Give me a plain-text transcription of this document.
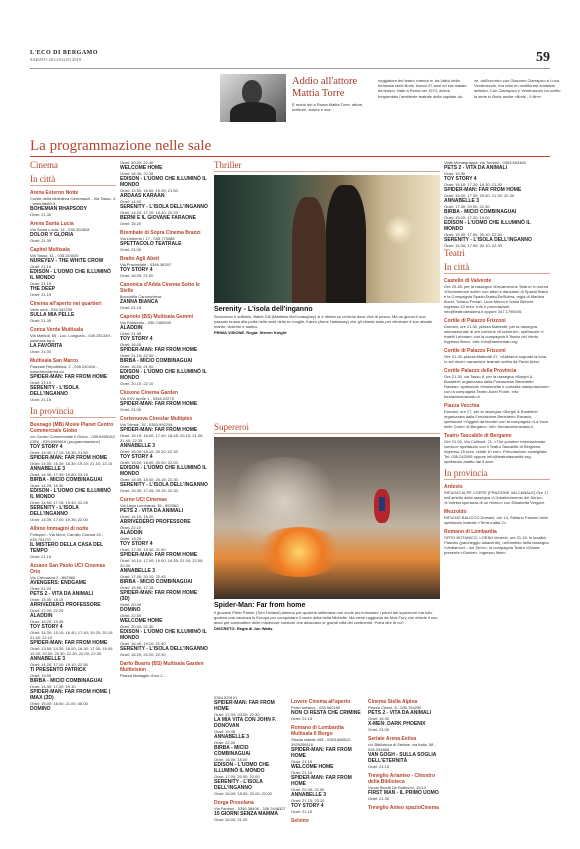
L'ECO DI BERGAMO
SABATO 20 LUGLIO 2019	59
Addio all'attore Mattia Torre
È morto ieri a Roma Mattia Torre, attore, scrittore, autore e sce-
neggiatore del teatro cinema tv, tra l'altro della fortunata serie Boris. Aveva 47 anni ed era malato da tempo. Nato a Roma nel 1972, aveva frequentato l'ambiente teatrale della capitale do-
ve, dall'incontro con Giacomo Ciarrapico e Luca Vendruscolo, era nato un multiforme sodalizio artistico. Con Ciarrapico e Vendruscolo ha scritto la serie tv Boris anche «Boris - Il film».
La programmazione nelle sale
Cinema
In città
Arena Esterno Notte
Cortile della biblioteca Caversazzi - Via Tasso, 4 - www.lab80.it
BOHEMIAN RHAPSODY
Orari: 21.30
Arena Santa Lucia
Via Santa Lucia, 14 - 035.320828
DOLOR Y GLORIA
Orari: 21.30
Capitol Multisala
Via Tasso, 41 - 035.244030
NUREYEV - THE WHITE CROW
Orari: 21.15
EDISON - L'UOMO CHE ILLUMINÒ IL MONDO
Orari: 21.15
THE DEEP
Orari: 21.15
Cinema all'aperto nei quartieri
Varie sedi - 035.342239
SULLA MIA PELLE
Orari: 21.30
Conca Verde Multisala
Via Mattioli, 65 - Loc. Longuelo - 035.251339 - www.sas.bg.it
LA FAVORITA
Orari: 21.00
Multisala San Marco
Piazzale Repubblica, 2 - 035.240416 - www.frecciarma.eu
SPIDER-MAN: FAR FROM HOME
Orari: 21.15
SERENITY - L'ISOLA DELL'INGANNO
Orari: 21.15
In provincia
Busnago (MB) Movie Planet Centro Commerciale Globo
c/o Centro Commerciale il Globo - 039.6955162 (ISN) - 039.6956616 (programmazione)
TOY STORY 4
Orari: 14.40; 17.10; 19.30; 21.50
SPIDER-MAN: FAR FROM HOME
Orari: 14.30; 16.30; 18.30; 19.10; 21.10; 22.10
ANNABELLE 3
Orari: 14.30; 17.30; 19.50; 22.15
BIRBA - MICIO COMBINAGUAI
Orari: 14.25; 16.30
EDISON - L'UOMO CHE ILLUMINÒ IL MONDO
Orari: 14.50; 17.15; 19.40; 22.05
SERENITY - L'ISOLA DELL'INGANNO
Orari: 14.35; 17.00; 19.35; 22.00
Albino Immagini di notte
Polisport - Via Moro, Camillo Carrara 20 - 035.754707
IL MISTERO DELLA CASA DEL TEMPO
Orari: 21.15
Azzano San Paolo UCI Cinemas Orio
Via Cremasca 2 - 892960
AVENGERS: ENDGAME
Orari: 21.20
PETS 2 - VITA DA ANIMALI
Orari: 15.30; 18.15
ARRIVEDERCI PROFESSORE
Orari: 17.00; 22.25
ALADDIN
Orari: 16.20; 19.35
TOY STORY 4
Orari: 14.30; 15.10; 16.40; 17.40; 19.20; 20.10; 21.40; 22.10
SPIDER-MAN: FAR FROM HOME
Orari: 13.50; 14.30; 16.00; 16.30; 17.30; 19.00; 19.30; 20.00; 20.30; 21.30; 22.00; 22.30
ANNABELLE 3
Orari: 14.20; 17.10; 19.10; 22.50
TI PRESENTO PATRICK
Orari: 19.55
BIRBA - MICIO COMBINAGUAI
Orari: 14.40; 17.20; 19.10
SPIDER-MAN: FAR FROM HOME | IMAX (3D)
Orari: 15.00; 18.00; 21.00; 06.00
DOMINO
Orari: 20.20; 22.40
WELCOME HOME
Orari: 16.45; 22.35
EDISON - L'UOMO CHE ILLUMINÒ IL MONDO
Orari: 13.50; 16.50; 19.25; 21.50
ARDAAS KARAAN
Orari: 14.00
SERENITY - L'ISOLA DELL'INGANNO
Orari: 14.20; 17.10; 19.40; 22.20
BERNI E IL GIOVANE FARAONE
Orari: 15.20
Brembate di Sopra Cinema Branzi
Via Umberto I 17 - 035.770088
SPETTACOLO TEATRALE
Orari: 21.00
Bratto Agli Abeti
Via Provinciale - 0346.38397
TOY STORY 4
Orari: 16.00; 21.00
Canonica d'Adda Cinema Sotto le Stelle
Bocciofila Canonichese
ZANNA BIANCA
Orari: 21.15
Capriolo (BS) Multisala Gemini
Via Palazzolo - 030.7460530
ALADDIN
Orari: 21.45
TOY STORY 4
Orari: 16.00
SPIDER-MAN: FAR FROM HOME
Orari: 21.15; 22.00
BIRBA - MICIO COMBINAGUAI
Orari: 16.00; 21.00
EDISON - L'UOMO CHE ILLUMINÒ IL MONDO
Orari: 20.10; 22.10
Clusone Cinema Garden
Via XXV Aprile 1 - 0346.22275
SPIDER-MAN: FAR FROM HOME
Orari: 21.00
Cortenuova Cinestar Multiplex
Via Trieste, 15 - 0363.992244
SPIDER-MAN: FAR FROM HOME
Orari: 15.15; 16.00; 17.40; 18.45; 20.15; 21.00; 21.40; 22.35
ANNABELLE 3
Orari: 16.00; 18.10; 20.20; 22.30
TOY STORY 4
Orari: 16.00; 18.00; 20.00; 22.00
EDISON - L'UOMO CHE ILLUMINÒ IL MONDO
Orari: 15.45; 18.00; 20.15; 22.30
SERENITY - L'ISOLA DELL'INGANNO
Orari: 15.30; 17.45; 20.15; 22.30
Curno UCI Cinemas
Via Lega Lombarda, 39 - 892960
PETS 2 - VITA DA ANIMALI
Orari: 14.10; 16.20
ARRIVEDERCI PROFESSORE
Orari: 22.10
ALADDIN
Orari: 19.20
TOY STORY 4
Orari: 17.30; 19.30; 21.50
SPIDER-MAN: FAR FROM HOME
Orari: 16.10; 17.00; 19.00; 19.45; 21.00; 22.00; 22.30
ANNABELLE 3
Orari: 17.40; 20.10; 22.45
BIRBA - MICIO COMBINAGUAI
Orari: 15.50; 17.15
SPIDER-MAN: FAR FROM HOME (3D)
Orari: 20.00
DOMINO
Orari: 22.50
WELCOME HOME
Orari: 20.00; 22.30
EDISON - L'UOMO CHE ILLUMINÒ IL MONDO
Orari: 16.40; 19.10; 21.40
SERENITY - L'ISOLA DELL'INGANNO
Orari: 16.20; 20.20; 22.30
Darfo Boario (BS) Multisala Garden Multivision
Piazza Medaglie d'oro 2 -
Viale Montegrappa, via Torriani - 0363.563460
PETS 2 - VITA DA ANIMALI
Orari: 15.30
TOY STORY 4
Orari: 15.10; 17.20; 19.30; 21.30
SPIDER-MAN: FAR FROM HOME
Orari: 15.00; 17.30; 20.00; 21.30; 22.30
ANNABELLE 3
Orari: 17.30; 20.00; 22.30
BIRBA - MICIO COMBINAGUAI
Orari: 15.00; 17.20; 19.00
EDISON - L'UOMO CHE ILLUMINÒ IL MONDO
Orari: 15.30; 17.50; 20.10; 22.30
SERENITY - L'ISOLA DELL'INGANNO
Orari: 15.30; 17.50; 20.10; 22.30
Teatri
In città
Castello di Valverde
Ore 20.45, per la rassegna «Decamerone Teatro» in scena «Decamerone suite» con attori e danzatori di SpazioTeatro e la Compagnia SpazioTeatro/DeSidera, regia di Martina Bucci, Tiziano Ferrari, Luca Mereu e Ivana Bertoni. Ingresso 10 euro. Info e prenotazioni: info@teatrodesidera.it oppure 347.1795045.
Cortile di Palazzo Frizzoni
Domani, ore 21.30, piazza Matteotti, per la rassegna internazionale di arti comiche «Eccentrici», spettacolo «I fratelli Lehman» con la compagnia Il Teatro del Vento. Ingresso libero. Info: info@lambertain.org
Cortile di Palazzo Frizzoni
Ore 21.30, piazza Matteotti 27, «Abbiamo sognato la luna. Io sei dove» narrazione teatrale scritta da Paolo Aresi.
Cortile Palazzo della Provincia
Ore 21.30, via Tasso 8, per la rassegna «Borghi & Burattini» organizzata dalla Fondazione Benedetto Ravasio, spettacolo «Marionette e curiosità manipolazione» con la compagnia Teatro Aurei Ponte. Info: fondazioneravasio.it
Piazza Vecchia
Domani, ore 17, per la rassegna «Borghi & Burattini» organizzata dalla Fondazione Benedetto Ravasio, spettacolo «Oggetti da favola» con la compagnia «La Voce delle Cose» di Bergamo. Info: fondazioneravasio.it
Teatro Tascabile di Bergamo
Ore 21.30, Via Colleoni, 21, «The yorsies» internazionale comico» spettacolo con il Teatro Tascabile di Bergamo. Ingresso 15 euro, ridotti 10 euro. Prenotazione consigliata. Tel. 035.242095 oppure info@teatrotascabile.org, spettacolo adatto dai 6 anni.
In provincia
Ardesio
RIFUGIO ALPE CORTE (FRAZIONE VALCANALE) Ore 17, nell'ambito della rassegna «L'intrattenimento del Serio», «L'infinita speranza di un ritorno» con Elisabetta Vergani.
Mezzoldo
RIFUGIO BALICCO Domani, ore 14, Stefano Panzeri nello spettacolo teatrale «Terra matta 2».
Romano di Lombardia
ORTO BOTANICO, LORINI Venerdì, ore 21.15, in località Pascolo (parcheggio adiacente), nell'ambito della rassegna «Vediamoci... sul Serio», la compagnia Teatro d'Aosta presenta «Gobbe». Ingresso libero.
0364.529101
SPIDER-MAN: FAR FROM HOME
Orari: 17.00; 20.00; 22.30
LA MIA VITA CON JOHN F. DONOVAN
Orari: 19.45
ANNABELLE 3
Orari: 22.00
BIRBA - MICIO COMBINAGUAI
Orari: 16.00; 18.00
EDISON - L'UOMO CHE ILLUMINÒ IL MONDO
Orari: 17.00; 20.00; 22.00
SERENITY - L'ISOLA DELL'INGANNO
Orari: 16.00; 18.00; 20.00; 22.00
Dorga Presolana
Via Fantoni - 0346.38406 - 338 2448327
10 GIORNI SENZA MAMMA
Orari: 16.00; 21.00
Lovere Cinema all'aperto
Porto turistico - 035.960150
NON CI RESTA CHE CRIMINE
Orari: 21.15
Romano di Lombardia Multisala Il Borgo
Strada statale 498 - 0363.688012-3929256116
SPIDER-MAN: FAR FROM HOME
Orari: 21.15
WELCOME HOME
Orari: 21.15
SPIDER-MAN: FAR FROM HOME
Orari: 20.30; 22.55
ANNABELLE 3
Orari: 21.15; 23.10
TOY STORY 4
Orari: 21.15
Selvino
Cinema Stella Alpina
Piazza Clerici, 8 - 035.764250
PETS 2 - VITA DA ANIMALI
Orari: 16.30
X-MEN: DARK PHOENIX
Orari: 21.00
Seriate Arena Estiva
c/o Biblioteca di Seriate, via Italia, 58 - 035.294868
VAN GOGH - SULLA SOGLIA DELL'ETERNITÀ
Orari: 21.15
Treviglio Arianteo - Chiostro della Biblioteca
Vicolo Bicetti De Buttinoni, 11/13
FIRST MAN - IL PRIMO UOMO
Orari: 21.30
Treviglio Anteo spazioCinema
Thriller
Serenity - L'isola dell'inganno
Sconcerso e solitario, Baker Dill (Matthew McConaughey) si è ritirato su un'isola dove vive di pesca. Ma un giorno il suo passato bussa alla porta nelle vesti della ex moglie, Karen (Anne Hathaway) che gli chiede aiuto per eliminare il suo attuale marito, violento e sadico.
PRIMA VISIONE. Regia: Steven Knight
Supereroi
Spider-Man: Far from home
Il giovane Peter Parker (Tom Holland) almeno per qualche settimana non vuole più indossare i panni del supereroe ma solo godersi una vacanza in Europa per conquistare il cuore della bella Michelle. Ma viene raggiunto da Nick Fury che chiede il suo aiuto per combattere delle misteriose creature che attaccano le grandi città del continente. Potrà dire di no?
DISCRETO. Regia di Jon Watts
